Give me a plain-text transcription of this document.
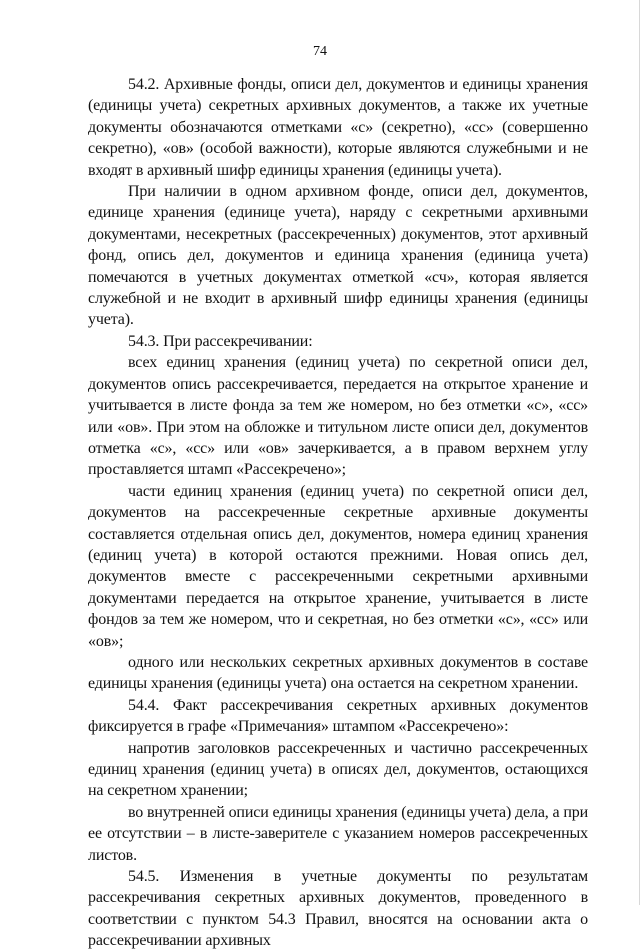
74

54.2. Архивные фонды, описи дел, документов и единицы хранения (единицы учета) секретных архивных документов, а также их учетные документы обозначаются отметками «с» (секретно), «сс» (совершенно секретно), «ов» (особой важности), которые являются служебными и не входят в архивный шифр единицы хранения (единицы учета).

При наличии в одном архивном фонде, описи дел, документов, единице хранения (единице учета), наряду с секретными архивными документами, несекретных (рассекреченных) документов, этот архивный фонд, опись дел, документов и единица хранения (единица учета) помечаются в учетных документах отметкой «сч», которая является служебной и не входит в архивный шифр единицы хранения (единицы учета).

54.3. При рассекречивании:

всех единиц хранения (единиц учета) по секретной описи дел, документов опись рассекречивается, передается на открытое хранение и учитывается в листе фонда за тем же номером, но без отметки «с», «сс» или «ов». При этом на обложке и титульном листе описи дел, документов отметка «с», «сс» или «ов» зачеркивается, а в правом верхнем углу проставляется штамп «Рассекречено»;

части единиц хранения (единиц учета) по секретной описи дел, документов на рассекреченные секретные архивные документы составляется отдельная опись дел, документов, номера единиц хранения (единиц учета) в которой остаются прежними. Новая опись дел, документов вместе с рассекреченными секретными архивными документами передается на открытое хранение, учитывается в листе фондов за тем же номером, что и секретная, но без отметки «с», «сс» или «ов»;

одного или нескольких секретных архивных документов в составе единицы хранения (единицы учета) она остается на секретном хранении.

54.4. Факт рассекречивания секретных архивных документов фиксируется в графе «Примечания» штампом «Рассекречено»:

напротив заголовков рассекреченных и частично рассекреченных единиц хранения (единиц учета) в описях дел, документов, остающихся на секретном хранении;

во внутренней описи единицы хранения (единицы учета) дела, а при ее отсутствии – в листе-заверителе с указанием номеров рассекреченных листов.

54.5. Изменения в учетные документы по результатам рассекречивания секретных архивных документов, проведенного в соответствии с пунктом 54.3 Правил, вносятся на основании акта о рассекречивании архивных
